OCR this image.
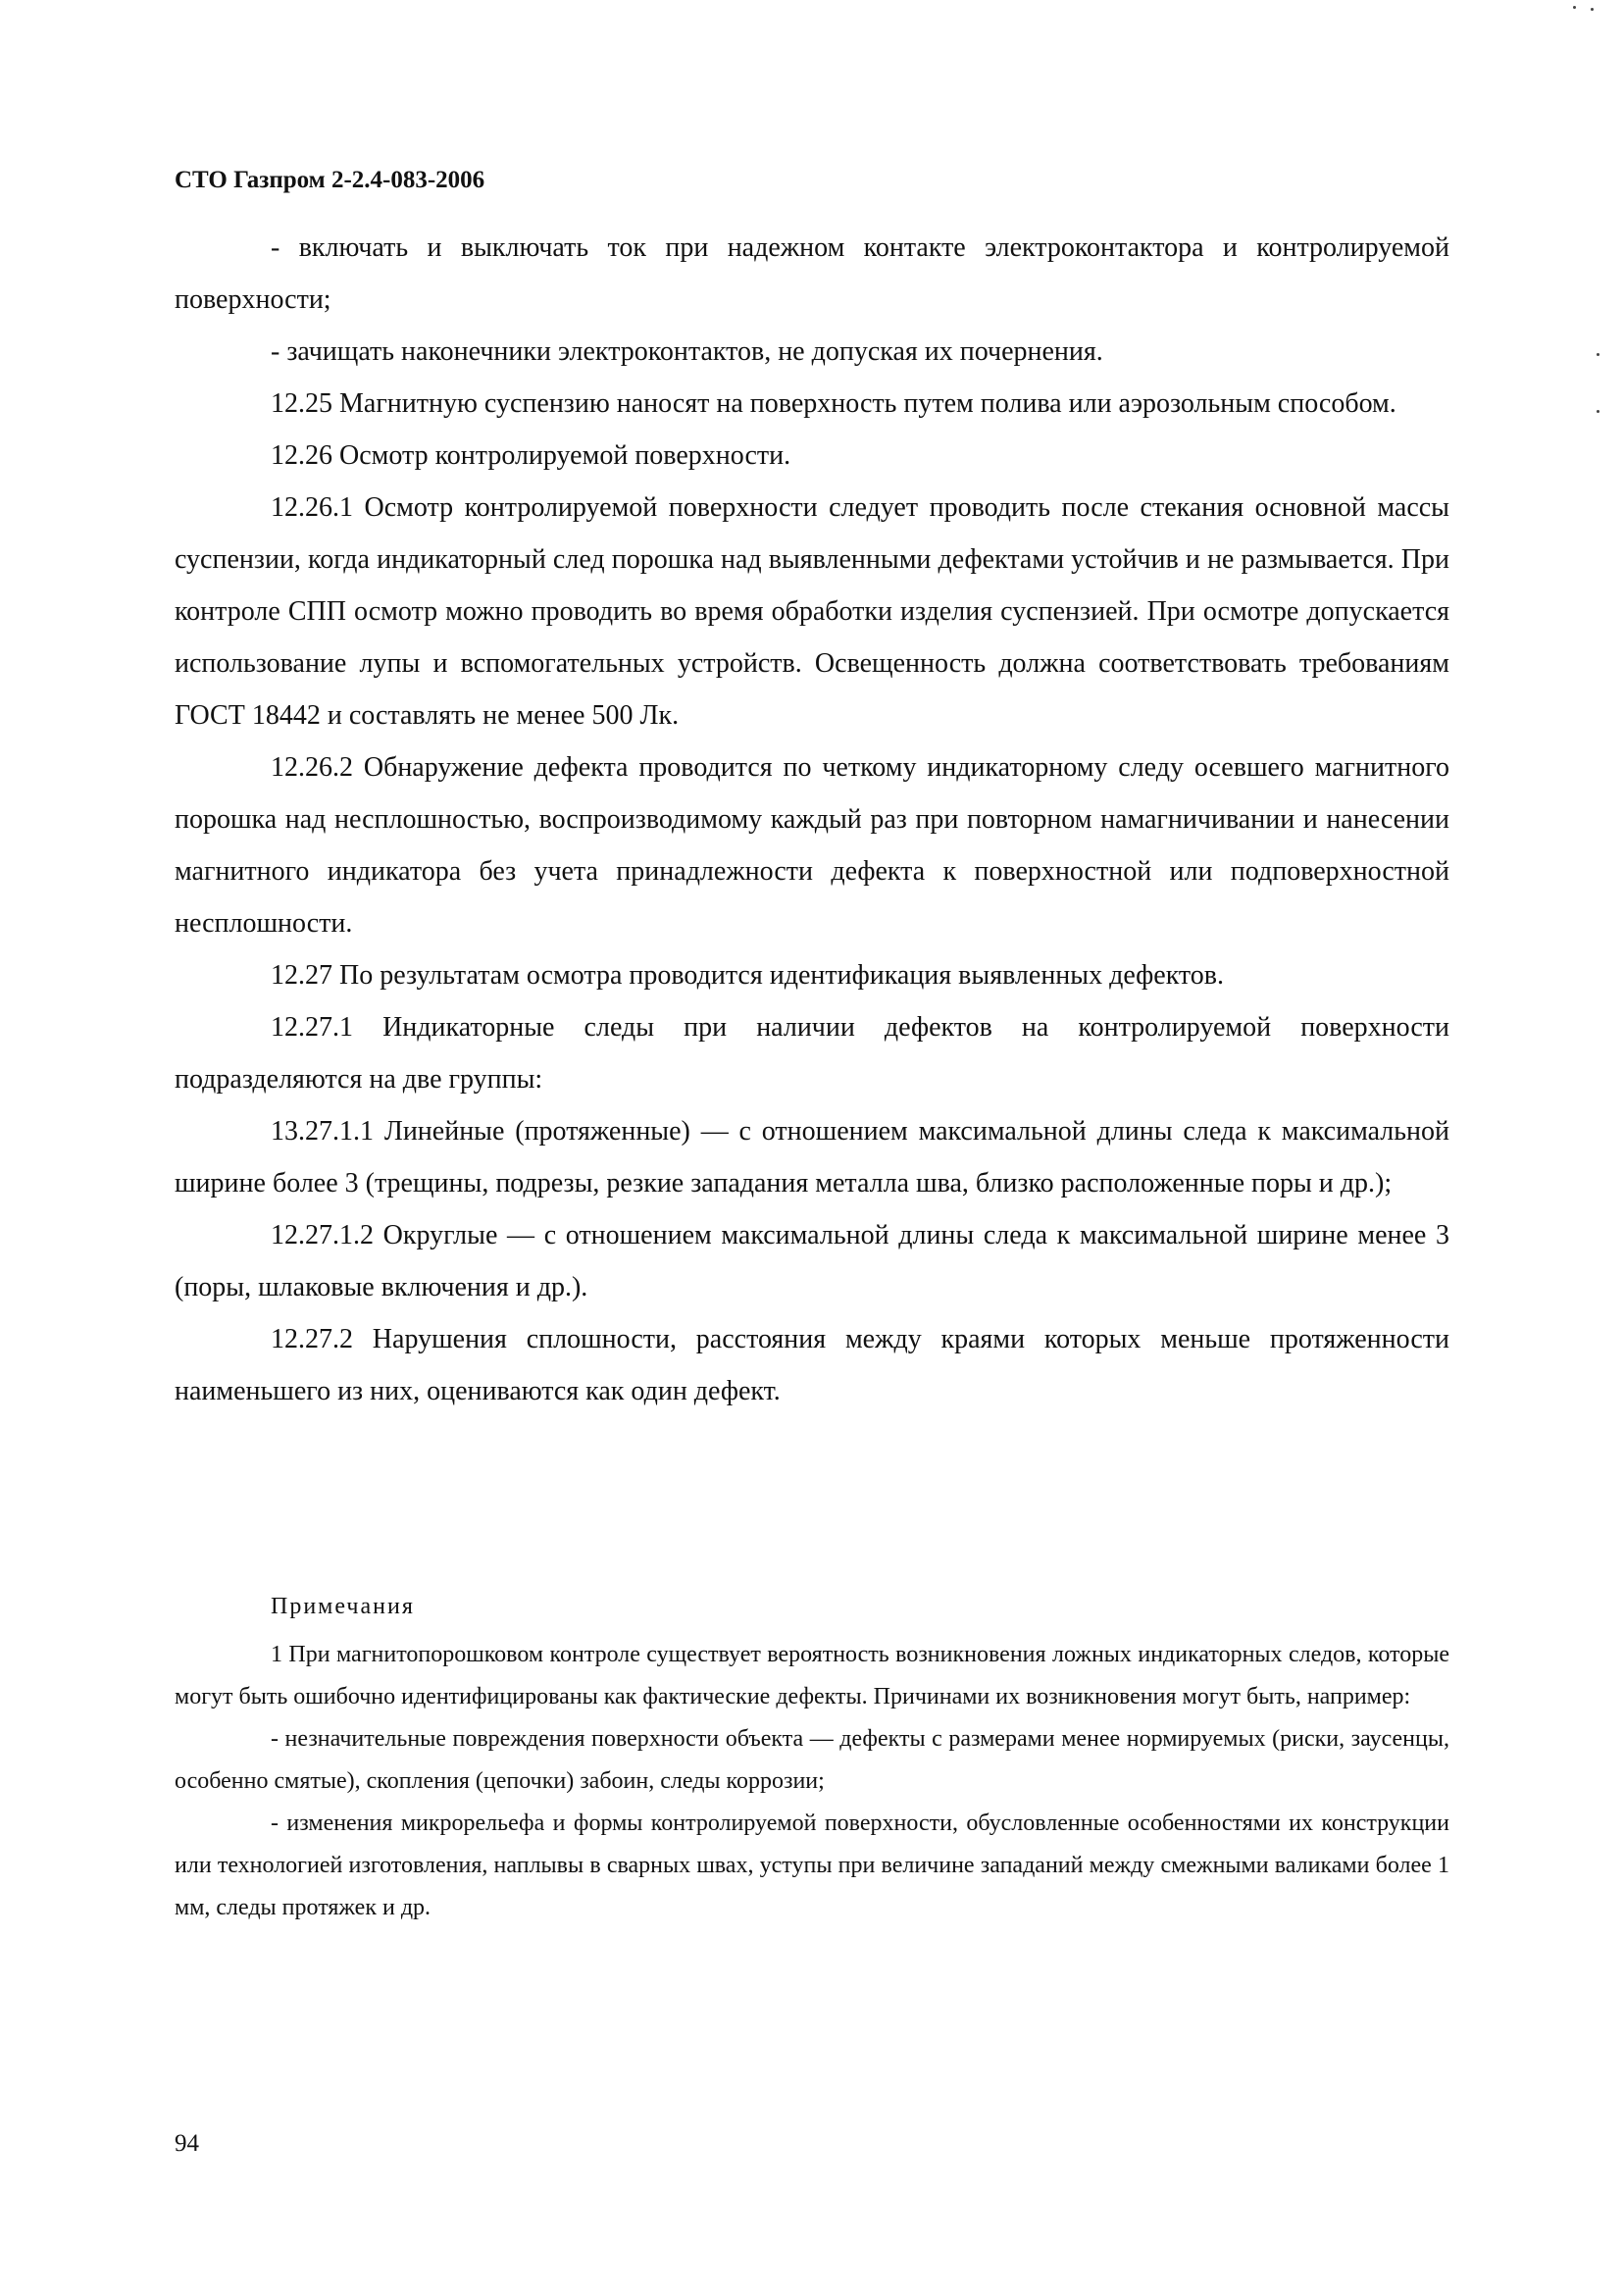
СТО Газпром 2-2.4-083-2006

- включать и выключать ток при надежном контакте электроконтактора и контролируемой поверхности;

- зачищать наконечники электроконтактов, не допуская их почернения.

12.25 Магнитную суспензию наносят на поверхность путем полива или аэрозольным способом.

12.26 Осмотр контролируемой поверхности.

12.26.1 Осмотр контролируемой поверхности следует проводить после стекания основной массы суспензии, когда индикаторный след порошка над выявленными дефектами устойчив и не размывается. При контроле СПП осмотр можно проводить во время обработки изделия суспензией. При осмотре допускается использование лупы и вспомогательных устройств. Освещенность должна соответствовать требованиям ГОСТ 18442 и составлять не менее 500 Лк.

12.26.2 Обнаружение дефекта проводится по четкому индикаторному следу осевшего магнитного порошка над несплошностью, воспроизводимому каждый раз при повторном намагничивании и нанесении магнитного индикатора без учета принадлежности дефекта к поверхностной или подповерхностной несплошности.

12.27 По результатам осмотра проводится идентификация выявленных дефектов.

12.27.1 Индикаторные следы при наличии дефектов на контролируемой поверхности подразделяются на две группы:

13.27.1.1 Линейные (протяженные) — с отношением максимальной длины следа к максимальной ширине более 3 (трещины, подрезы, резкие западания металла шва, близко расположенные поры и др.);

12.27.1.2 Округлые — с отношением максимальной длины следа к максимальной ширине менее 3 (поры, шлаковые включения и др.).

12.27.2 Нарушения сплошности, расстояния между краями которых меньше протяженности наименьшего из них, оцениваются как один дефект.

Примечания

1 При магнитопорошковом контроле существует вероятность возникновения ложных индикаторных следов, которые могут быть ошибочно идентифицированы как фактические дефекты. Причинами их возникновения могут быть, например:

- незначительные повреждения поверхности объекта — дефекты с размерами менее нормируемых (риски, заусенцы, особенно смятые), скопления (цепочки) забоин, следы коррозии;

- изменения микрорельефа и формы контролируемой поверхности, обусловленные особенностями их конструкции или технологией изготовления, наплывы в сварных швах, уступы при величине западаний между смежными валиками более 1 мм, следы протяжек и др.

94
